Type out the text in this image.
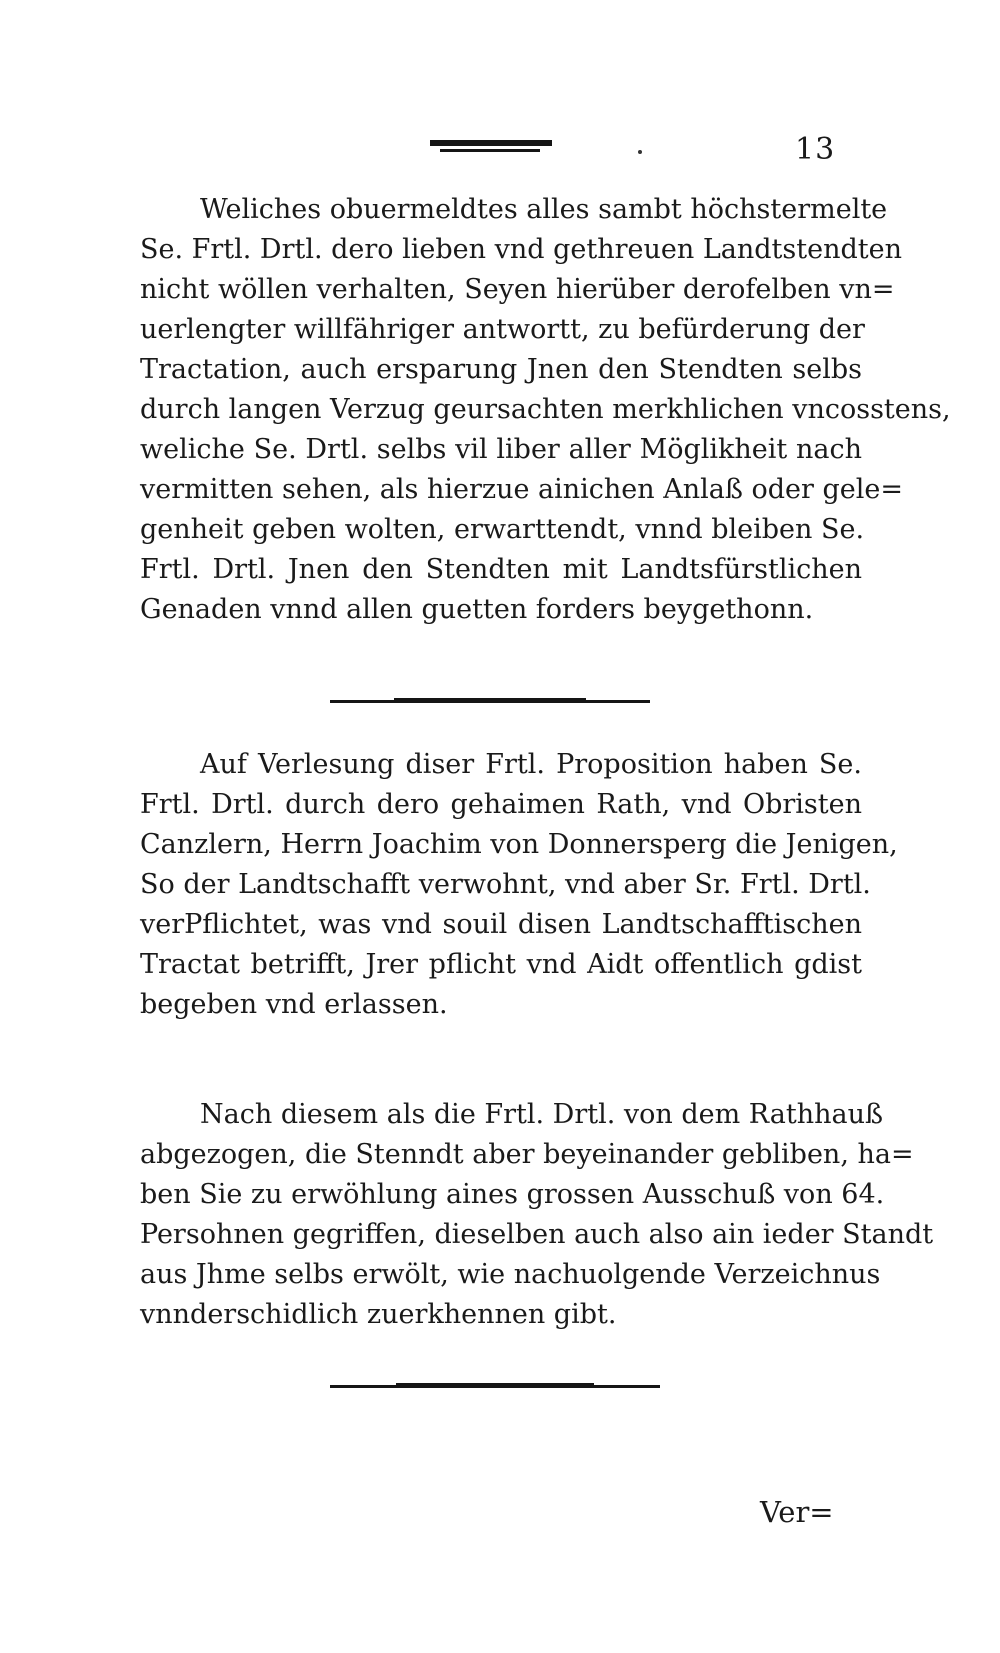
13
Weliches obuermeldtes alles sambt höchstermelte
Se. Frtl. Drtl. dero lieben vnd gethreuen Landtstendten
nicht wöllen verhalten, Seyen hierüber derofelben vn=
uerlengter willfähriger antwortt, zu befürderung der
Tractation, auch ersparung Jnen den Stendten selbs
durch langen Verzug geursachten merkhlichen vncosstens,
weliche Se. Drtl. selbs vil liber aller Möglikheit nach
vermitten sehen, als hierzue ainichen Anlaß oder gele=
genheit geben wolten, erwarttendt, vnnd bleiben Se.
Frtl. Drtl. Jnen den Stendten mit Landtsfürstlichen
Genaden vnnd allen guetten forders beygethonn.
Auf Verlesung diser Frtl. Proposition haben Se.
Frtl. Drtl. durch dero gehaimen Rath, vnd Obristen
Canzlern, Herrn Joachim von Donnersperg die Jenigen,
So der Landtschafft verwohnt, vnd aber Sr. Frtl. Drtl.
verPflichtet, was vnd souil disen Landtschafftischen
Tractat betrifft, Jrer pflicht vnd Aidt offentlich gdist
begeben vnd erlassen.
Nach diesem als die Frtl. Drtl. von dem Rathhauß
abgezogen, die Stenndt aber beyeinander gebliben, ha=
ben Sie zu erwöhlung aines grossen Ausschuß von 64.
Persohnen gegriffen, dieselben auch also ain ieder Standt
aus Jhme selbs erwölt, wie nachuolgende Verzeichnus
vnnderschidlich zuerkhennen gibt.
Ver=
